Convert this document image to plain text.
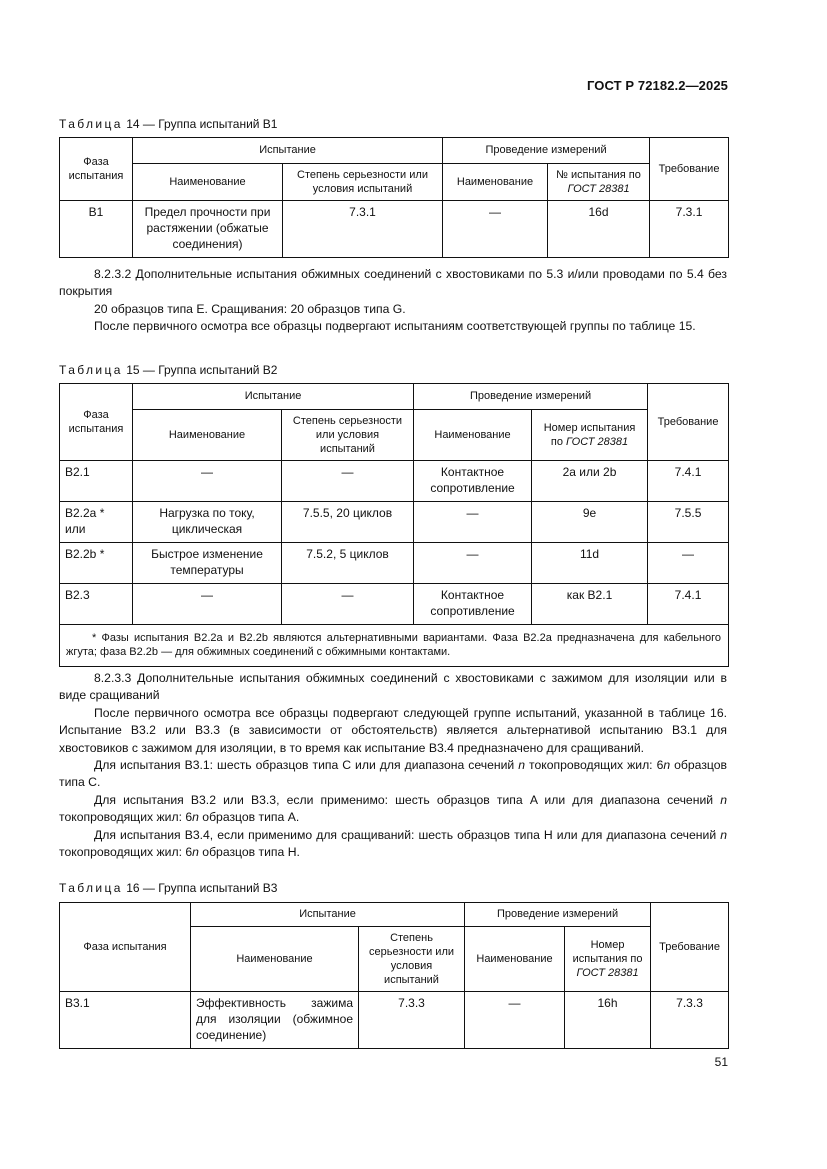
ГОСТ Р 72182.2—2025
Таблица 14 — Группа испытаний B1
Фаза испытания	Испытание		Проведение измерений		Требование
	Наименование	Степень серьезности или условия испытаний	Наименование	№ испытания по ГОСТ 28381	
B1	Предел прочности при растяжении (обжатые соединения)	7.3.1	—	16d	7.3.1

8.2.3.2 Дополнительные испытания обжимных соединений с хвостовиками по 5.3 и/или проводами по 5.4 без покрытия

20 образцов типа E. Сращивания: 20 образцов типа G.

После первичного осмотра все образцы подвергают испытаниям соответствующей группы по таблице 15.

Таблица 15 — Группа испытаний B2
Фаза испытания	Испытание		Проведение измерений		Требование
	Наименование	Степень серьезности или условия испытаний	Наименование	Номер испытания по ГОСТ 28381	
B2.1	—	—	Контактное сопротивление	2a или 2b	7.4.1
B2.2a * или	Нагрузка по току, циклическая	7.5.5, 20 циклов	—	9e	7.5.5
B2.2b *	Быстрое изменение температуры	7.5.2, 5 циклов	—	11d	—
B2.3	—	—	Контактное сопротивление	как B2.1	7.4.1
* Фазы испытания B2.2a и B2.2b являются альтернативными вариантами. Фаза B2.2a предназначена для кабельного жгута; фаза B2.2b — для обжимных соединений с обжимными контактами.					

8.2.3.3 Дополнительные испытания обжимных соединений с хвостовиками с зажимом для изоляции или в виде сращиваний

После первичного осмотра все образцы подвергают следующей группе испытаний, указанной в таблице 16. Испытание B3.2 или B3.3 (в зависимости от обстоятельств) является альтернативой испытанию B3.1 для хвостовиков с зажимом для изоляции, в то время как испытание B3.4 предназначено для сращиваний.

Для испытания B3.1: шесть образцов типа C или для диапазона сечений n токопроводящих жил: 6n образцов типа C.

Для испытания B3.2 или B3.3, если применимо: шесть образцов типа A или для диапазона сечений n токопроводящих жил: 6n образцов типа A.

Для испытания B3.4, если применимо для сращиваний: шесть образцов типа H или для диапазона сечений n токопроводящих жил: 6n образцов типа H.

Таблица 16 — Группа испытаний B3
Фаза испытания	Испытание		Проведение измерений		Требование
	Наименование	Степень серьезности или условия испытаний	Наименование	Номер испытания по ГОСТ 28381	
B3.1	Эффективность зажима для изоляции (обжимное соединение)	7.3.3	—	16h	7.3.3
51
